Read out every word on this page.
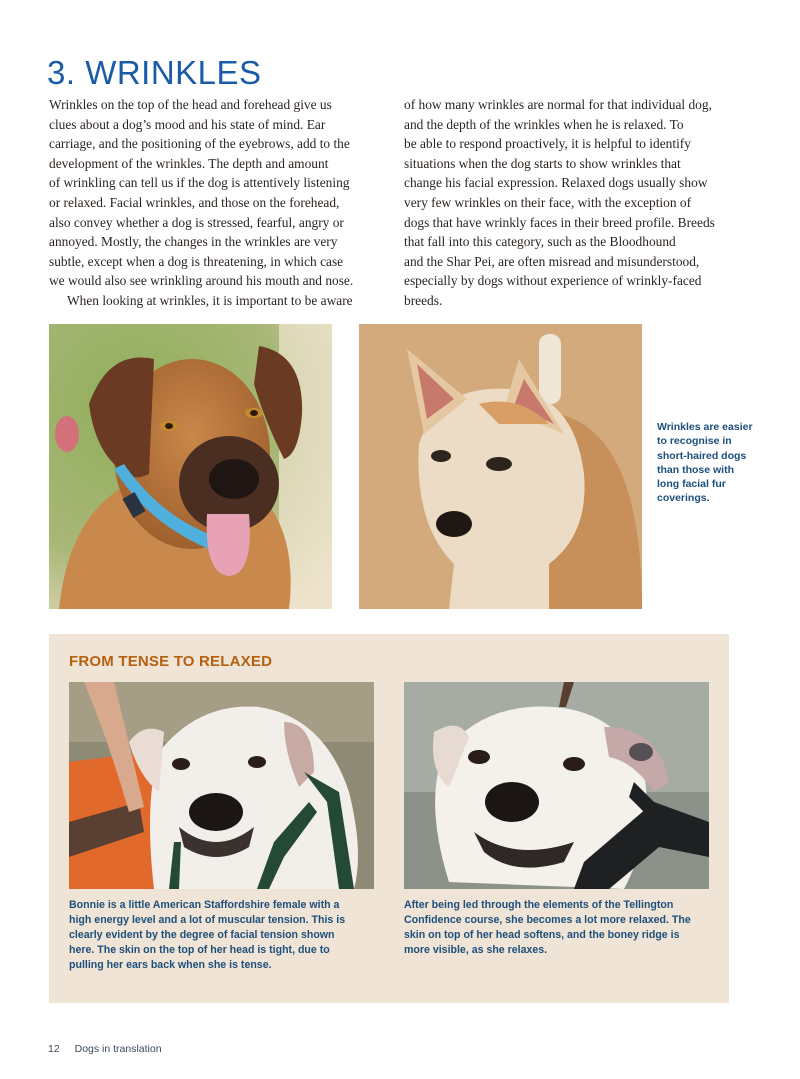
3. WRINKLES

Wrinkles on the top of the head and forehead give us
clues about a dog’s mood and his state of mind. Ear
carriage, and the positioning of the eyebrows, add to the
development of the wrinkles. The depth and amount
of wrinkling can tell us if the dog is attentively listening
or relaxed. Facial wrinkles, and those on the forehead,
also convey whether a dog is stressed, fearful, angry or
annoyed. Mostly, the changes in the wrinkles are very
subtle, except when a dog is threatening, in which case
we would also see wrinkling around his mouth and nose.

When looking at wrinkles, it is important to be aware

of how many wrinkles are normal for that individual dog,
and the depth of the wrinkles when he is relaxed. To
be able to respond proactively, it is helpful to identify
situations when the dog starts to show wrinkles that
change his facial expression. Relaxed dogs usually show
very few wrinkles on their face, with the exception of
dogs that have wrinkly faces in their breed profile. Breeds
that fall into this category, such as the Bloodhound
and the Shar Pei, are often misread and misunderstood,
especially by dogs without experience of wrinkly-faced
breeds.

Wrinkles are easier
to recognise in
short-haired dogs
than those with
long facial fur
coverings.
FROM TENSE TO RELAXED
Bonnie is a little American Staffordshire female with a
high energy level and a lot of muscular tension. This is
clearly evident by the degree of facial tension shown
here. The skin on the top of her head is tight, due to
pulling her ears back when she is tense.
After being led through the elements of the Tellington
Confidence course, she becomes a lot more relaxed. The
skin on top of her head softens, and the boney ridge is
more visible, as she relaxes.
12 Dogs in translation
